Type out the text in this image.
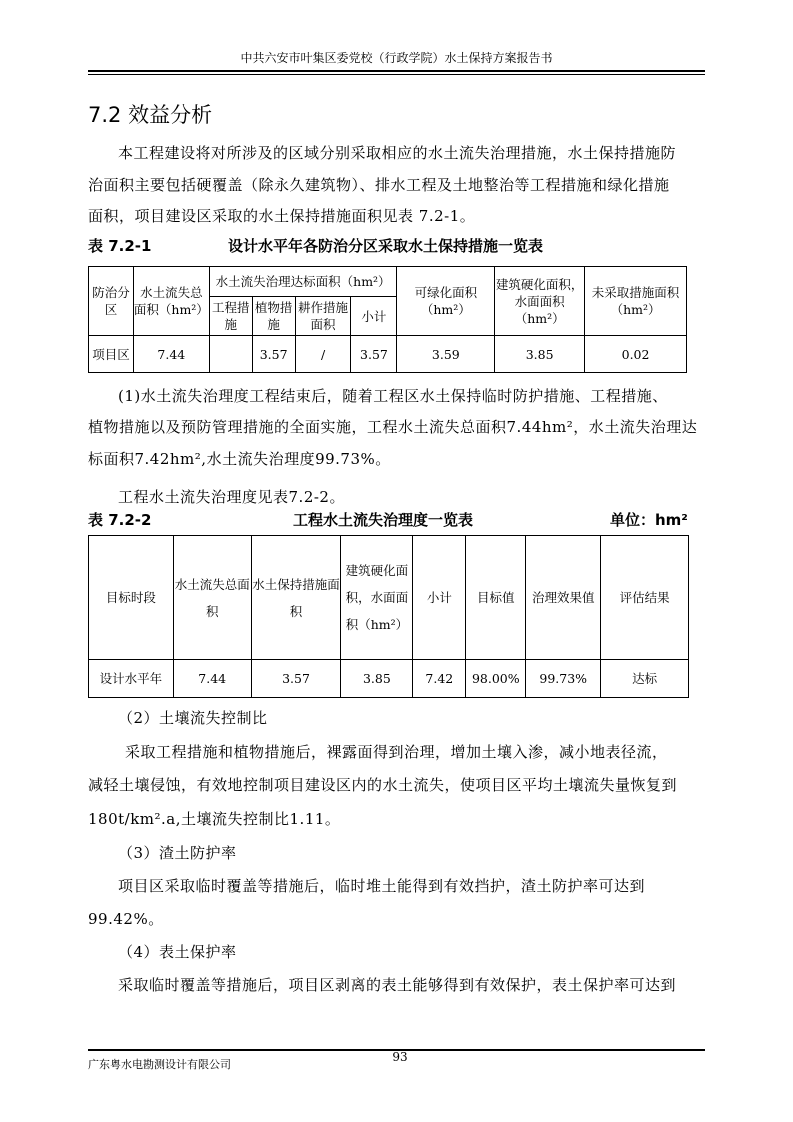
中共六安市叶集区委党校（行政学院）水土保持方案报告书
7.2 效益分析
本工程建设将对所涉及的区域分别采取相应的水土流失治理措施，水土保持措施防
治面积主要包括硬覆盖（除永久建筑物）、排水工程及土地整治等工程措施和绿化措施
面积，项目建设区采取的水土保持措施面积见表 7.2-1。
表 7.2-1	设计水平年各防治分区采取水土保持措施一览表
防治分区	水土流失总面积（hm²）	水土流失治理达标面积（hm²）				可绿化面积（hm²）	建筑硬化面积，水面面积（hm²）	未采取措施面积（hm²）
		工程措施	植物措施	耕作措施面积	小计			
项目区	7.44		3.57	/	3.57	3.59	3.85	0.02
(1)水土流失治理度工程结束后，随着工程区水土保持临时防护措施、工程措施、
植物措施以及预防管理措施的全面实施，工程水土流失总面积7.44hm²，水土流失治理达
标面积7.42hm²,水土流失治理度99.73%。
工程水土流失治理度见表7.2-2。
表 7.2-2	工程水土流失治理度一览表	单位：hm²
目标时段	水土流失总面积	水土保持措施面积	建筑硬化面积，水面面积（hm²）	小计	目标值	治理效果值	评估结果
设计水平年	7.44	3.57	3.85	7.42	98.00%	99.73%	达标
（2）土壤流失控制比
采取工程措施和植物措施后，裸露面得到治理，增加土壤入渗，减小地表径流，
减轻土壤侵蚀，有效地控制项目建设区内的水土流失，使项目区平均土壤流失量恢复到
180t/km².a,土壤流失控制比1.11。
（3）渣土防护率
项目区采取临时覆盖等措施后，临时堆土能得到有效挡护，渣土防护率可达到
99.42%。
（4）表土保护率
采取临时覆盖等措施后，项目区剥离的表土能够得到有效保护，表土保护率可达到
广东粤水电勘测设计有限公司
93
